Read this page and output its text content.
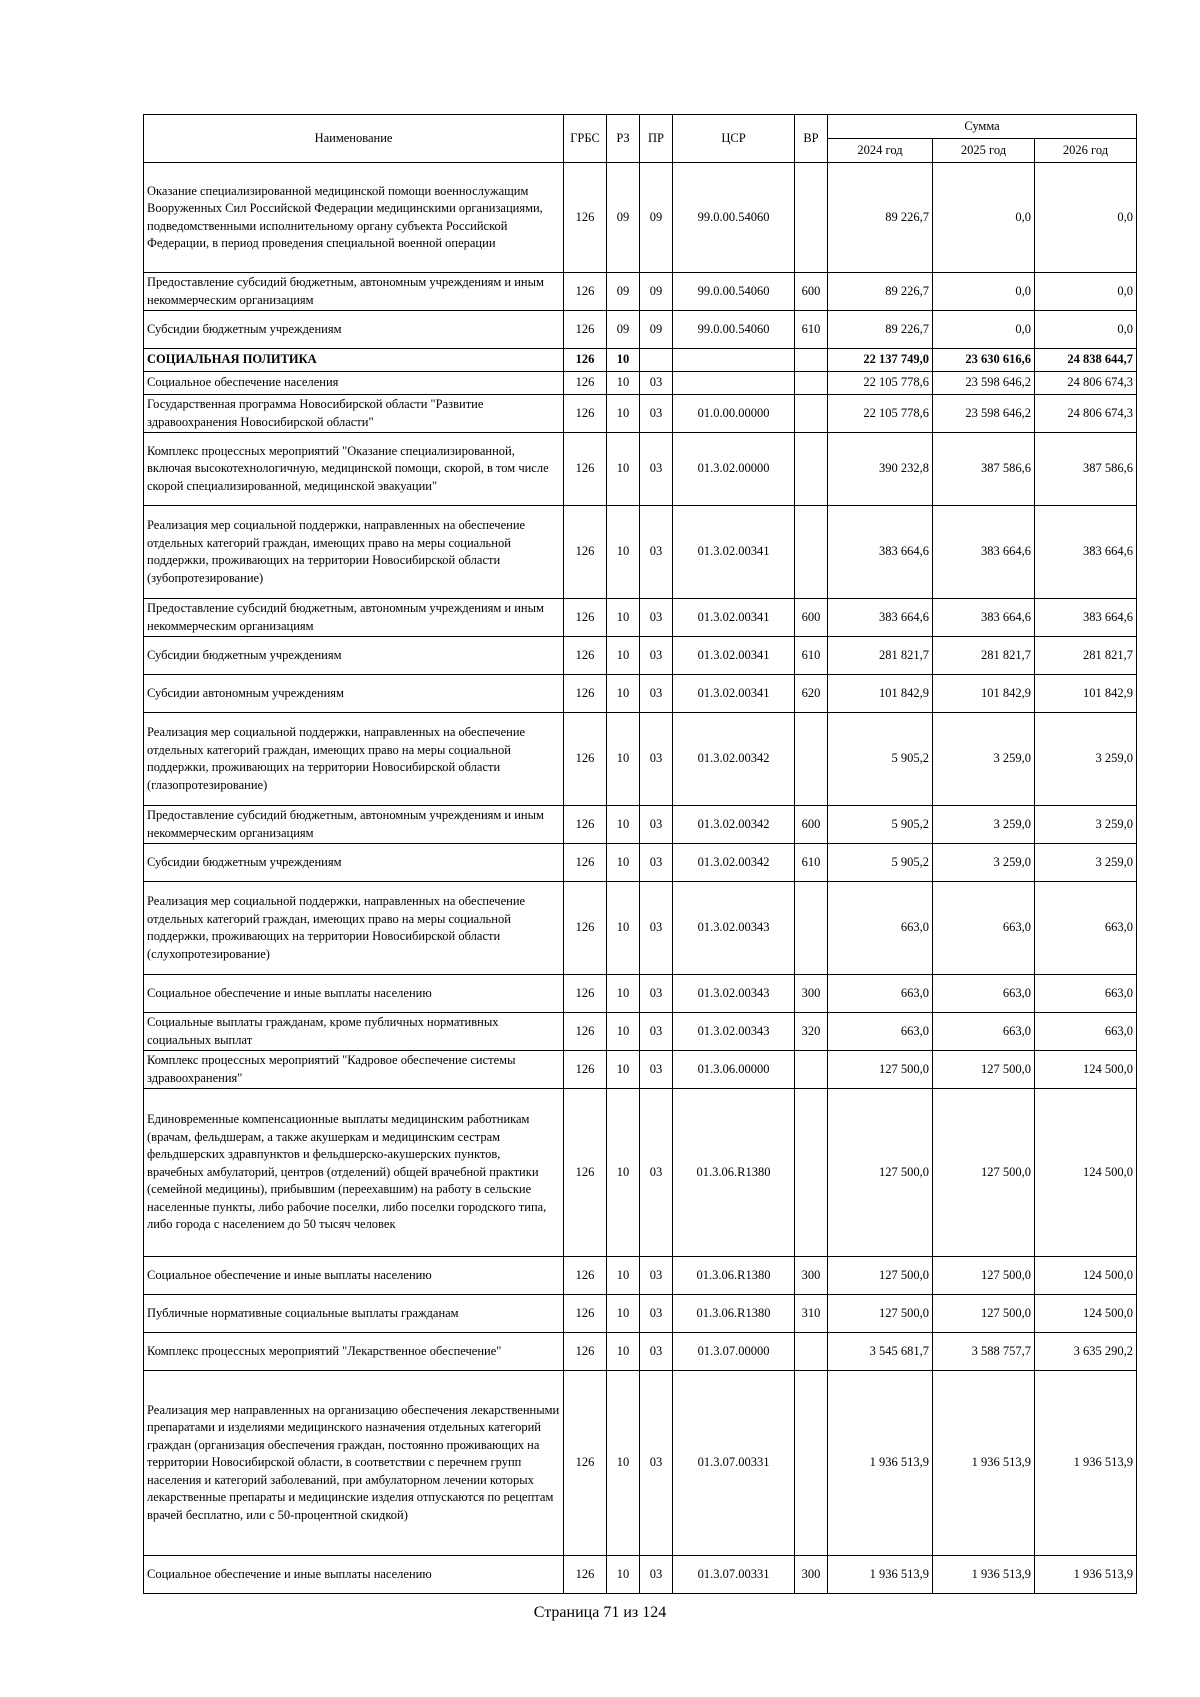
Наименование	ГРБС	РЗ	ПР	ЦСР	ВР	Сумма		
						2024 год	2025 год	2026 год
Оказание специализированной медицинской помощи военнослужащим Вооруженных Сил Российской Федерации медицинскими организациями, подведомственными исполнительному органу субъекта Российской Федерации, в период проведения специальной военной операции	126	09	09	99.0.00.54060		89 226,7	0,0	0,0
Предоставление субсидий бюджетным, автономным учреждениям и иным некоммерческим организациям	126	09	09	99.0.00.54060	600	89 226,7	0,0	0,0
Субсидии бюджетным учреждениям	126	09	09	99.0.00.54060	610	89 226,7	0,0	0,0
СОЦИАЛЬНАЯ ПОЛИТИКА	126	10				22 137 749,0	23 630 616,6	24 838 644,7
Социальное обеспечение населения	126	10	03			22 105 778,6	23 598 646,2	24 806 674,3
Государственная программа Новосибирской области "Развитие здравоохранения Новосибирской области"	126	10	03	01.0.00.00000		22 105 778,6	23 598 646,2	24 806 674,3
Комплекс процессных мероприятий "Оказание специализированной, включая высокотехнологичную, медицинской помощи, скорой, в том числе скорой специализированной, медицинской эвакуации"	126	10	03	01.3.02.00000		390 232,8	387 586,6	387 586,6
Реализация мер социальной поддержки, направленных на обеспечение отдельных категорий граждан, имеющих право на меры социальной поддержки, проживающих на территории Новосибирской области (зубопротезирование)	126	10	03	01.3.02.00341		383 664,6	383 664,6	383 664,6
Предоставление субсидий бюджетным, автономным учреждениям и иным некоммерческим организациям	126	10	03	01.3.02.00341	600	383 664,6	383 664,6	383 664,6
Субсидии бюджетным учреждениям	126	10	03	01.3.02.00341	610	281 821,7	281 821,7	281 821,7
Субсидии автономным учреждениям	126	10	03	01.3.02.00341	620	101 842,9	101 842,9	101 842,9
Реализация мер социальной поддержки, направленных на обеспечение отдельных категорий граждан, имеющих право на меры социальной поддержки, проживающих на территории Новосибирской области (глазопротезирование)	126	10	03	01.3.02.00342		5 905,2	3 259,0	3 259,0
Предоставление субсидий бюджетным, автономным учреждениям и иным некоммерческим организациям	126	10	03	01.3.02.00342	600	5 905,2	3 259,0	3 259,0
Субсидии бюджетным учреждениям	126	10	03	01.3.02.00342	610	5 905,2	3 259,0	3 259,0
Реализация мер социальной поддержки, направленных на обеспечение отдельных категорий граждан, имеющих право на меры социальной поддержки, проживающих на территории Новосибирской области (слухопротезирование)	126	10	03	01.3.02.00343		663,0	663,0	663,0
Социальное обеспечение и иные выплаты населению	126	10	03	01.3.02.00343	300	663,0	663,0	663,0
Социальные выплаты гражданам, кроме публичных нормативных социальных выплат	126	10	03	01.3.02.00343	320	663,0	663,0	663,0
Комплекс процессных мероприятий "Кадровое обеспечение системы здравоохранения"	126	10	03	01.3.06.00000		127 500,0	127 500,0	124 500,0
Единовременные компенсационные выплаты медицинским работникам (врачам, фельдшерам, а также акушеркам и медицинским сестрам фельдшерских здравпунктов и фельдшерско-акушерских пунктов, врачебных амбулаторий, центров (отделений) общей врачебной практики (семейной медицины), прибывшим (переехавшим) на работу в сельские населенные пункты, либо рабочие поселки, либо поселки городского типа, либо города с населением до 50 тысяч человек	126	10	03	01.3.06.R1380		127 500,0	127 500,0	124 500,0
Социальное обеспечение и иные выплаты населению	126	10	03	01.3.06.R1380	300	127 500,0	127 500,0	124 500,0
Публичные нормативные социальные выплаты гражданам	126	10	03	01.3.06.R1380	310	127 500,0	127 500,0	124 500,0
Комплекс процессных мероприятий "Лекарственное обеспечение"	126	10	03	01.3.07.00000		3 545 681,7	3 588 757,7	3 635 290,2
Реализация мер направленных на организацию обеспечения лекарственными препаратами и изделиями медицинского назначения отдельных категорий граждан (организация обеспечения граждан, постоянно проживающих на территории Новосибирской области, в соответствии с перечнем групп населения и категорий заболеваний, при амбулаторном лечении которых лекарственные препараты и медицинские изделия отпускаются по рецептам врачей бесплатно, или с 50-процентной скидкой)	126	10	03	01.3.07.00331		1 936 513,9	1 936 513,9	1 936 513,9
Социальное обеспечение и иные выплаты населению	126	10	03	01.3.07.00331	300	1 936 513,9	1 936 513,9	1 936 513,9
Страница 71 из 124
